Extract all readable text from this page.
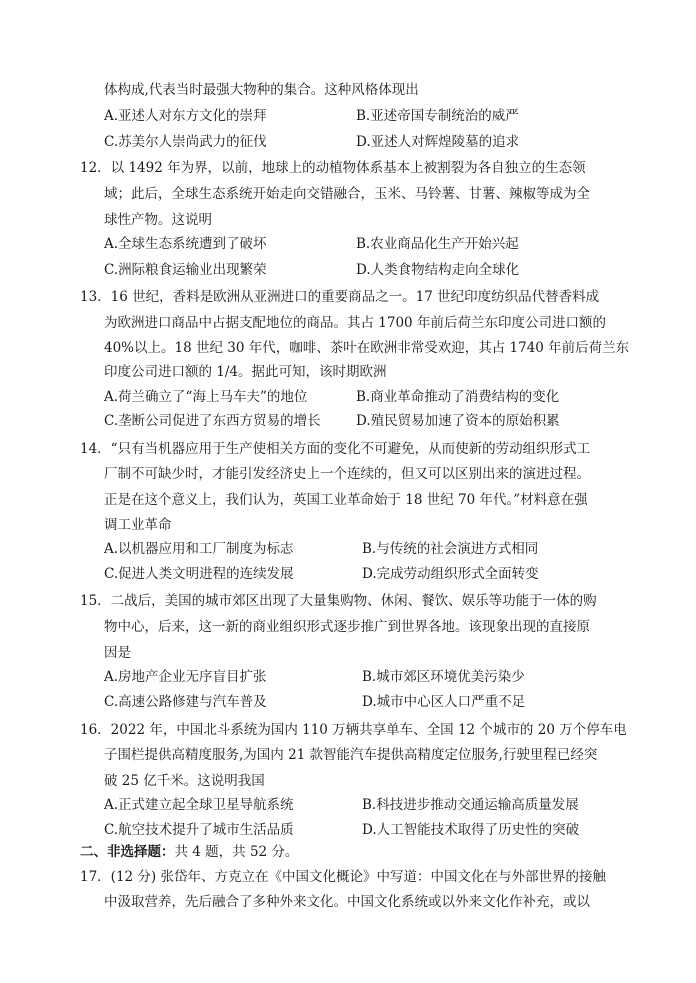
体构成,代表当时最强大物种的集合。这种风格体现出
A.亚述人对东方文化的崇拜	B.亚述帝国专制统治的威严
C.苏美尔人崇尚武力的征伐	D.亚述人对辉煌陵墓的追求
12．以 1492 年为界，以前，地球上的动植物体系基本上被割裂为各自独立的生态领
域；此后，全球生态系统开始走向交错融合，玉米、马铃薯、甘薯、辣椒等成为全
球性产物。这说明
A.全球生态系统遭到了破坏	B.农业商品化生产开始兴起
C.洲际粮食运输业出现繁荣	D.人类食物结构走向全球化
13．16 世纪，香料是欧洲从亚洲进口的重要商品之一。17 世纪印度纺织品代替香料成
为欧洲进口商品中占据支配地位的商品。其占 1700 年前后荷兰东印度公司进口额的
40%以上。18 世纪 30 年代，咖啡、茶叶在欧洲非常受欢迎，其占 1740 年前后荷兰东
印度公司进口额的 1/4。据此可知，该时期欧洲
A.荷兰确立了“海上马车夫”的地位	B.商业革命推动了消费结构的变化
C.垄断公司促进了东西方贸易的增长	D.殖民贸易加速了资本的原始积累
14．“只有当机器应用于生产使相关方面的变化不可避免，从而使新的劳动组织形式工
厂制不可缺少时，才能引发经济史上一个连续的，但又可以区别出来的演进过程。
正是在这个意义上，我们认为，英国工业革命始于 18 世纪 70 年代。”材料意在强
调工业革命
A.以机器应用和工厂制度为标志	B.与传统的社会演进方式相同
C.促进人类文明进程的连续发展	D.完成劳动组织形式全面转变
15．二战后，美国的城市郊区出现了大量集购物、休闲、餐饮、娱乐等功能于一体的购
物中心，后来，这一新的商业组织形式逐步推广到世界各地。该现象出现的直接原
因是
A.房地产企业无序盲目扩张	B.城市郊区环境优美污染少
C.高速公路修建与汽车普及	D.城市中心区人口严重不足
16．2022 年，中国北斗系统为国内 110 万辆共享单车、全国 12 个城市的 20 万个停车电
子围栏提供高精度服务,为国内 21 款智能汽车提供高精度定位服务,行驶里程已经突
破 25 亿千米。这说明我国
A.正式建立起全球卫星导航系统	B.科技进步推动交通运输高质量发展
C.航空技术提升了城市生活品质	D.人工智能技术取得了历史性的突破
二、非选择题：共 4 题，共 52 分。
17．(12 分) 张岱年、方克立在《中国文化概论》中写道：中国文化在与外部世界的接触
中汲取营养，先后融合了多种外来文化。中国文化系统或以外来文化作补充，或以
